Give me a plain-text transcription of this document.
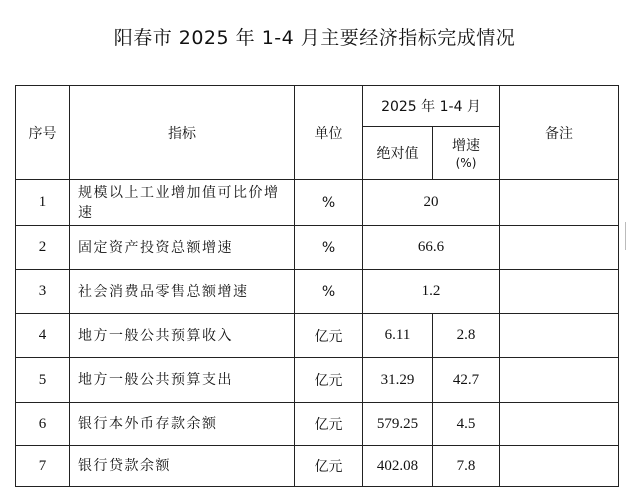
阳春市 2025 年 1-4 月主要经济指标完成情况
序号	指标	单位	2025 年 1-4 月		备注
			绝对值	增速
(%)	

1	规模以上工业增加值可比价增速	%	20		
2	固定资产投资总额增速	%	66.6		
3	社会消费品零售总额增速	%	1.2		
4	地方一般公共预算收入	亿元	6.11	2.8	
5	地方一般公共预算支出	亿元	31.29	42.7	
6	银行本外币存款余额	亿元	579.25	4.5	
7	银行贷款余额	亿元	402.08	7.8	
